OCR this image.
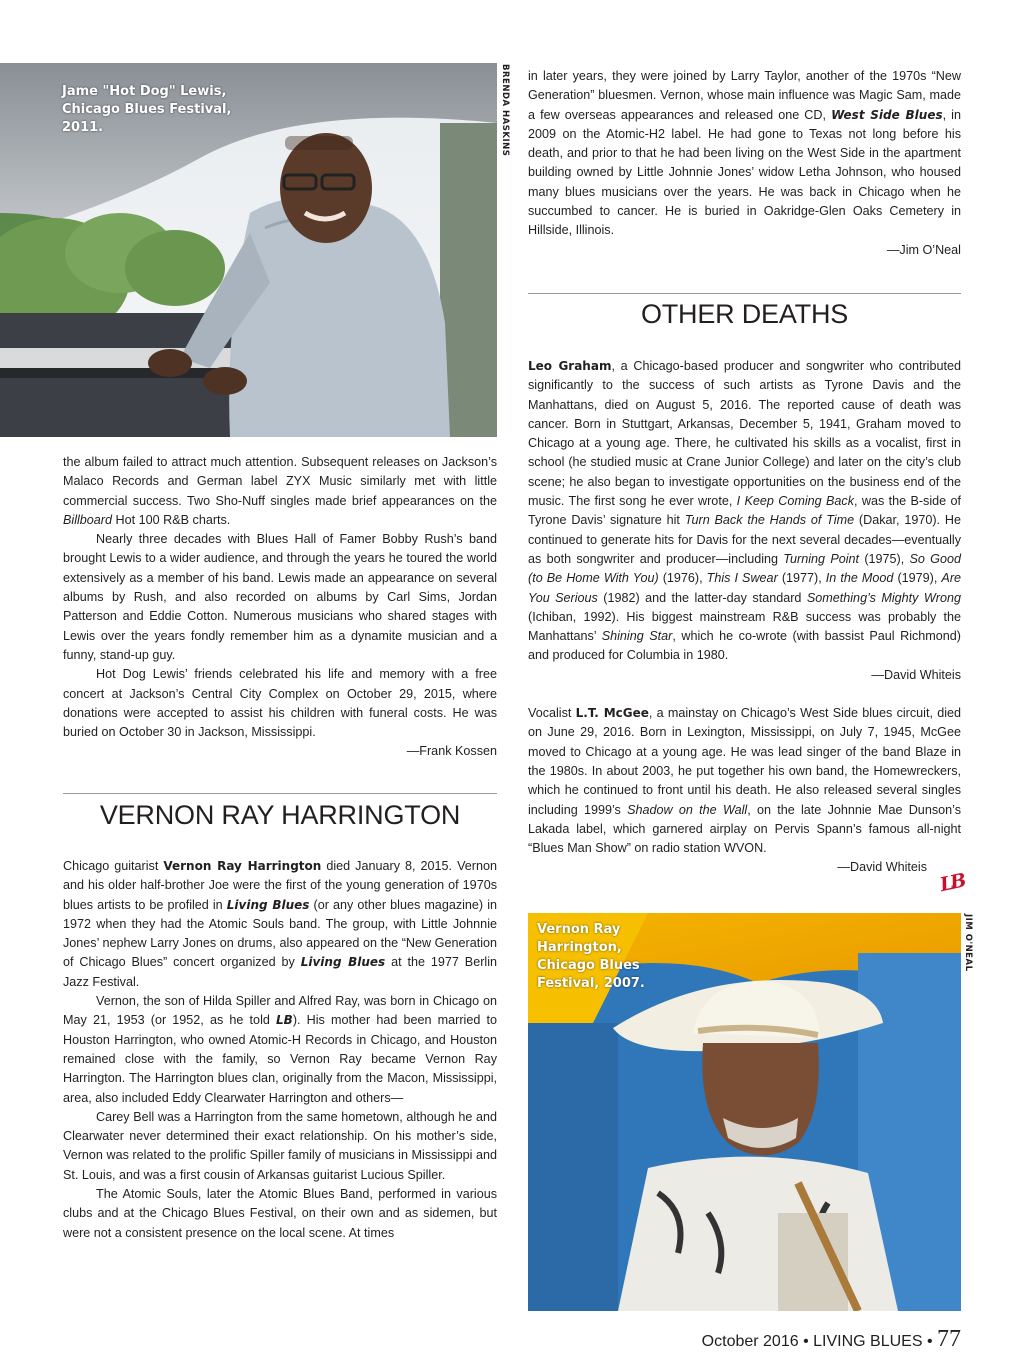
Jame "Hot Dog" Lewis,
Chicago Blues Festival,
2011.	BRENDA HASKINS

the album failed to attract much attention. Subsequent releases on Jackson’s Malaco Records and German label ZYX Music similarly met with little commercial success. Two Sho-Nuff singles made brief appearances on the Billboard Hot 100 R&B charts.

Nearly three decades with Blues Hall of Famer Bobby Rush’s band brought Lewis to a wider audience, and through the years he toured the world extensively as a member of his band. Lewis made an appearance on several albums by Rush, and also recorded on albums by Carl Sims, Jordan Patterson and Eddie Cotton. Numerous musicians who shared stages with Lewis over the years fondly remember him as a dynamite musician and a funny, stand-up guy.

Hot Dog Lewis’ friends celebrated his life and memory with a free concert at Jackson’s Central City Complex on October 29, 2015, where donations were accepted to assist his children with funeral costs. He was buried on October 30 in Jackson, Mississippi.

—Frank Kossen

VERNON RAY HARRINGTON

Chicago guitarist Vernon Ray Harrington died January 8, 2015. Vernon and his older half-brother Joe were the first of the young generation of 1970s blues artists to be profiled in Living Blues (or any other blues magazine) in 1972 when they had the Atomic Souls band. The group, with Little Johnnie Jones’ nephew Larry Jones on drums, also appeared on the “New Generation of Chicago Blues” concert organized by Living Blues at the 1977 Berlin Jazz Festival.

Vernon, the son of Hilda Spiller and Alfred Ray, was born in Chicago on May 21, 1953 (or 1952, as he told LB). His mother had been married to Houston Harrington, who owned Atomic-H Records in Chicago, and Houston remained close with the family, so Vernon Ray became Vernon Ray Harrington. The Harrington blues clan, originally from the Macon, Mississippi, area, also included Eddy Clearwater Harrington and others—

Carey Bell was a Harrington from the same hometown, although he and Clearwater never determined their exact relationship. On his mother’s side, Vernon was related to the prolific Spiller family of musicians in Mississippi and St. Louis, and was a first cousin of Arkansas guitarist Lucious Spiller.

The Atomic Souls, later the Atomic Blues Band, performed in various clubs and at the Chicago Blues Festival, on their own and as sidemen, but were not a consistent presence on the local scene. At times

in later years, they were joined by Larry Taylor, another of the 1970s “New Generation” bluesmen. Vernon, whose main influence was Magic Sam, made a few overseas appearances and released one CD, West Side Blues, in 2009 on the Atomic-H2 label. He had gone to Texas not long before his death, and prior to that he had been living on the West Side in the apartment building owned by Little Johnnie Jones’ widow Letha Johnson, who housed many blues musicians over the years. He was back in Chicago when he succumbed to cancer. He is buried in Oakridge-Glen Oaks Cemetery in Hillside, Illinois.

—Jim O’Neal

OTHER DEATHS

Leo Graham, a Chicago-based producer and songwriter who contributed significantly to the success of such artists as Tyrone Davis and the Manhattans, died on August 5, 2016. The reported cause of death was cancer. Born in Stuttgart, Arkansas, December 5, 1941, Graham moved to Chicago at a young age. There, he cultivated his skills as a vocalist, first in school (he studied music at Crane Junior College) and later on the city’s club scene; he also began to investigate opportunities on the business end of the music. The first song he ever wrote, I Keep Coming Back, was the B-side of Tyrone Davis’ signature hit Turn Back the Hands of Time (Dakar, 1970). He continued to generate hits for Davis for the next several decades—eventually as both songwriter and producer—including Turning Point (1975), So Good (to Be Home With You) (1976), This I Swear (1977), In the Mood (1979), Are You Serious (1982) and the latter-day standard Something’s Mighty Wrong (Ichiban, 1992). His biggest mainstream R&B success was probably the Manhattans’ Shining Star, which he co-wrote (with bassist Paul Richmond) and produced for Columbia in 1980.

—David Whiteis

Vocalist L.T. McGee, a mainstay on Chicago’s West Side blues circuit, died on June 29, 2016. Born in Lexington, Mississippi, on July 7, 1945, McGee moved to Chicago at a young age. He was lead singer of the band Blaze in the 1980s. In about 2003, he put together his own band, the Homewreckers, which he continued to front until his death. He also released several singles including 1999’s Shadow on the Wall, on the late Johnnie Mae Dunson’s Lakada label, which garnered airplay on Pervis Spann’s famous all-night “Blues Man Show” on radio station WVON.

—David Whiteis

LB
Vernon Ray
Harrington,
Chicago Blues
Festival, 2007.
JIM O'NEAL
October 2016 • LIVING BLUES • 77
